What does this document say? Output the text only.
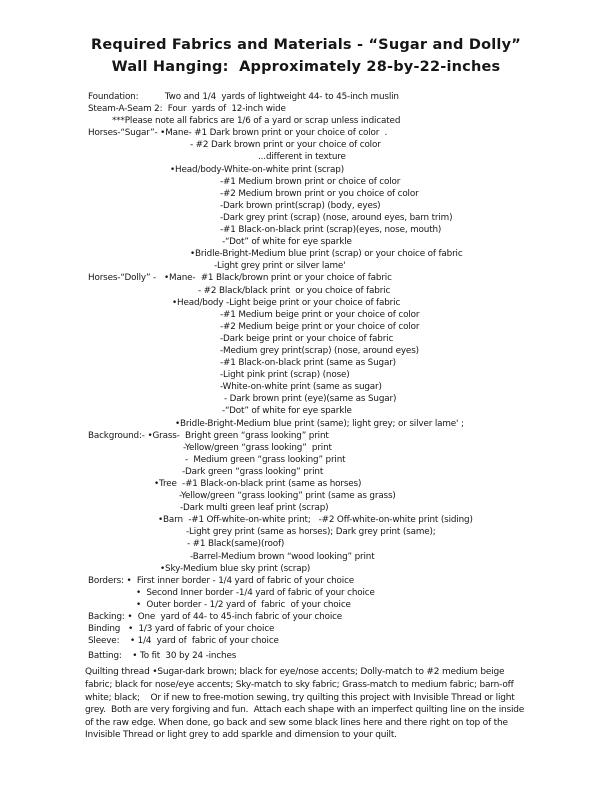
Required Fabrics and Materials - “Sugar and Dolly”
Wall Hanging:  Approximately 28-by-22-inches
Foundation:          Two and 1/4  yards of lightweight 44- to 45-inch muslin
Steam-A-Seam 2:  Four  yards of  12-inch wide
***Please note all fabrics are 1/6 of a yard or scrap unless indicated
Horses-“Sugar”- •Mane- #1 Dark brown print or your choice of color  .
- #2 Dark brown print or your choice of color
...different in texture
•Head/body-White-on-white print (scrap)
-#1 Medium brown print or choice of color
-#2 Medium brown print or you choice of color
-Dark brown print(scrap) (body, eyes)
-Dark grey print (scrap) (nose, around eyes, barn trim)
-#1 Black-on-black print (scrap)(eyes, nose, mouth)
-“Dot” of white for eye sparkle
•Bridle-Bright-Medium blue print (scrap) or your choice of fabric
-Light grey print or silver lame'
Horses-“Dolly” -   •Mane-  #1 Black/brown print or your choice of fabric
- #2 Black/black print  or you choice of fabric
•Head/body -Light beige print or your choice of fabric
-#1 Medium beige print or your choice of color
-#2 Medium beige print or your choice of color
-Dark beige print or your choice of fabric
-Medium grey print(scrap) (nose, around eyes)
-#1 Black-on-black print (same as Sugar)
-Light pink print (scrap) (nose)
-White-on-white print (same as sugar)
- Dark brown print (eye)(same as Sugar)
-“Dot” of white for eye sparkle
•Bridle-Bright-Medium blue print (same); light grey; or silver lame' ;
Background:- •Grass-  Bright green “grass looking” print
-Yellow/green “grass looking”  print
-  Medium green “grass looking” print
-Dark green “grass looking” print
•Tree  -#1 Black-on-black print (same as horses)
-Yellow/green “grass looking” print (same as grass)
-Dark multi green leaf print (scrap)
•Barn  -#1 Off-white-on-white print;   -#2 Off-white-on-white print (siding)
-Light grey print (same as horses); Dark grey print (same);
- #1 Black(same)(roof)
-Barrel-Medium brown “wood looking” print
•Sky-Medium blue sky print (scrap)
Borders: •  First inner border - 1/4 yard of fabric of your choice
•  Second Inner border -1/4 yard of fabric of your choice
•  Outer border - 1/2 yard of  fabric  of your choice
Backing: •  One  yard of 44- to 45-inch fabric of your choice
Binding   •  1/3 yard of fabric of your choice
Sleeve:    • 1/4  yard of  fabric of your choice
Batting:    • To fit  30 by 24 -inches
Quilting thread •Sugar-dark brown; black for eye/nose accents; Dolly-match to #2 medium beige
fabric; black for nose/eye accents; Sky-match to sky fabric; Grass-match to medium fabric; barn-off
white; black;    Or if new to free-motion sewing, try quilting this project with Invisible Thread or light
grey.  Both are very forgiving and fun.  Attach each shape with an imperfect quilting line on the inside
of the raw edge. When done, go back and sew some black lines here and there right on top of the
Invisible Thread or light grey to add sparkle and dimension to your quilt.
